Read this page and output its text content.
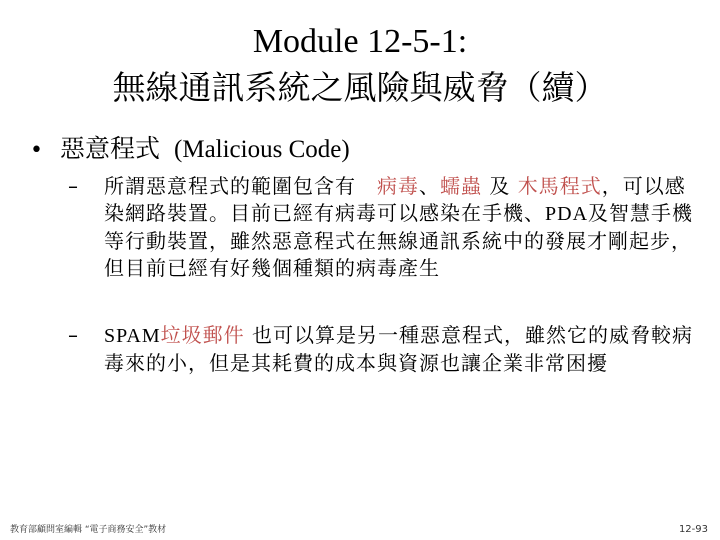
Module 12-5-1:
無線通訊系統之風險與威脅（續）
• 惡意程式 (Malicious Code)
– 所謂惡意程式的範圍包含有　病毒、蠕蟲 及 木馬程式，可以感染網路裝置。目前已經有病毒可以感染在手機、PDA及智慧手機等行動裝置，雖然惡意程式在無線通訊系統中的發展才剛起步，但目前已經有好幾個種類的病毒產生
– SPAM垃圾郵件 也可以算是另一種惡意程式，雖然它的威脅較病毒來的小，但是其耗費的成本與資源也讓企業非常困擾
教育部顧問室編輯 “電子商務安全”教材	12-93
